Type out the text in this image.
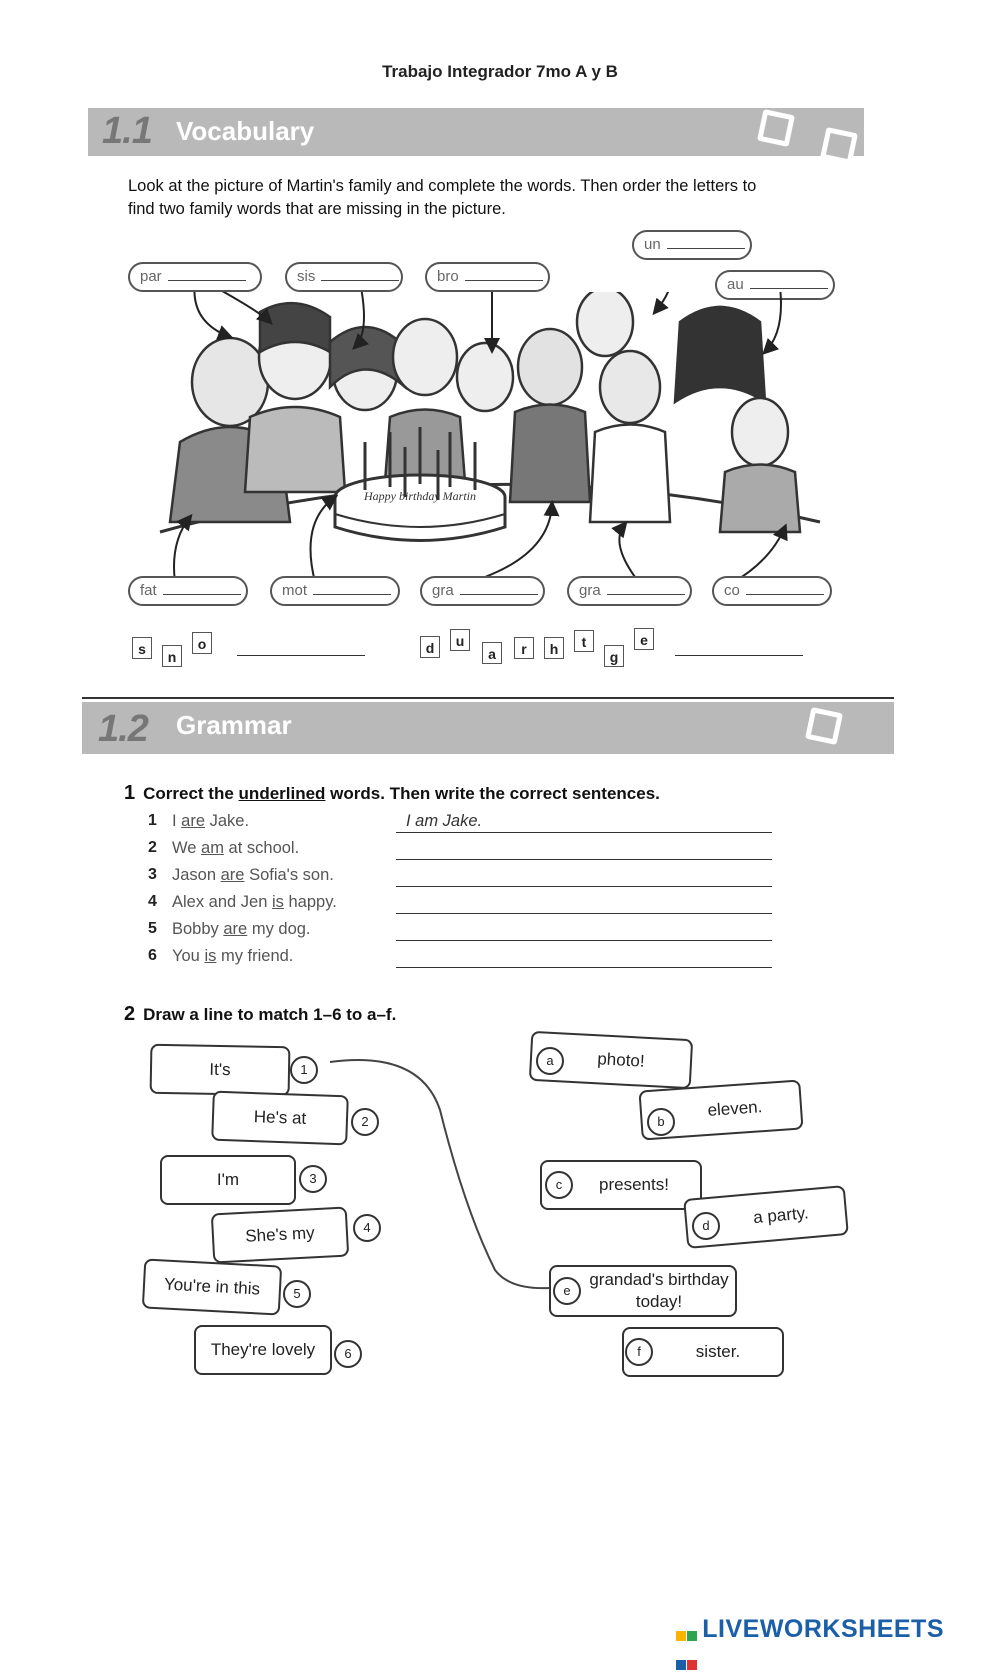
Trabajo Integrador 7mo A y B
1.1 Vocabulary
Look at the picture of Martin's family and complete the words. Then order the letters to
find two family words that are missing in the picture.
par	sis	bro
un
au
Happy birthday Martin
fat	mot	gra	gra	co
s	n
o	d	u
a	r	h	t
g
e
1.2 Grammar
1 Correct the underlined words. Then write the correct sentences.
1 I are Jake.	I am Jake.
2 We am at school.
3 Jason are Sofia's son.
4 Alex and Jen is happy.
5 Bobby are my dog.
6 You is my friend.
2 Draw a line to match 1–6 to a–f.
It's	1
He's at	2
I'm	3
She's my	4
You're in this	5
They're lovely	6
photo!
a
eleven.
b
presents!
c
a party.
d
grandad's birthday today!
e
sister.
f

LIVEWORKSHEETS
